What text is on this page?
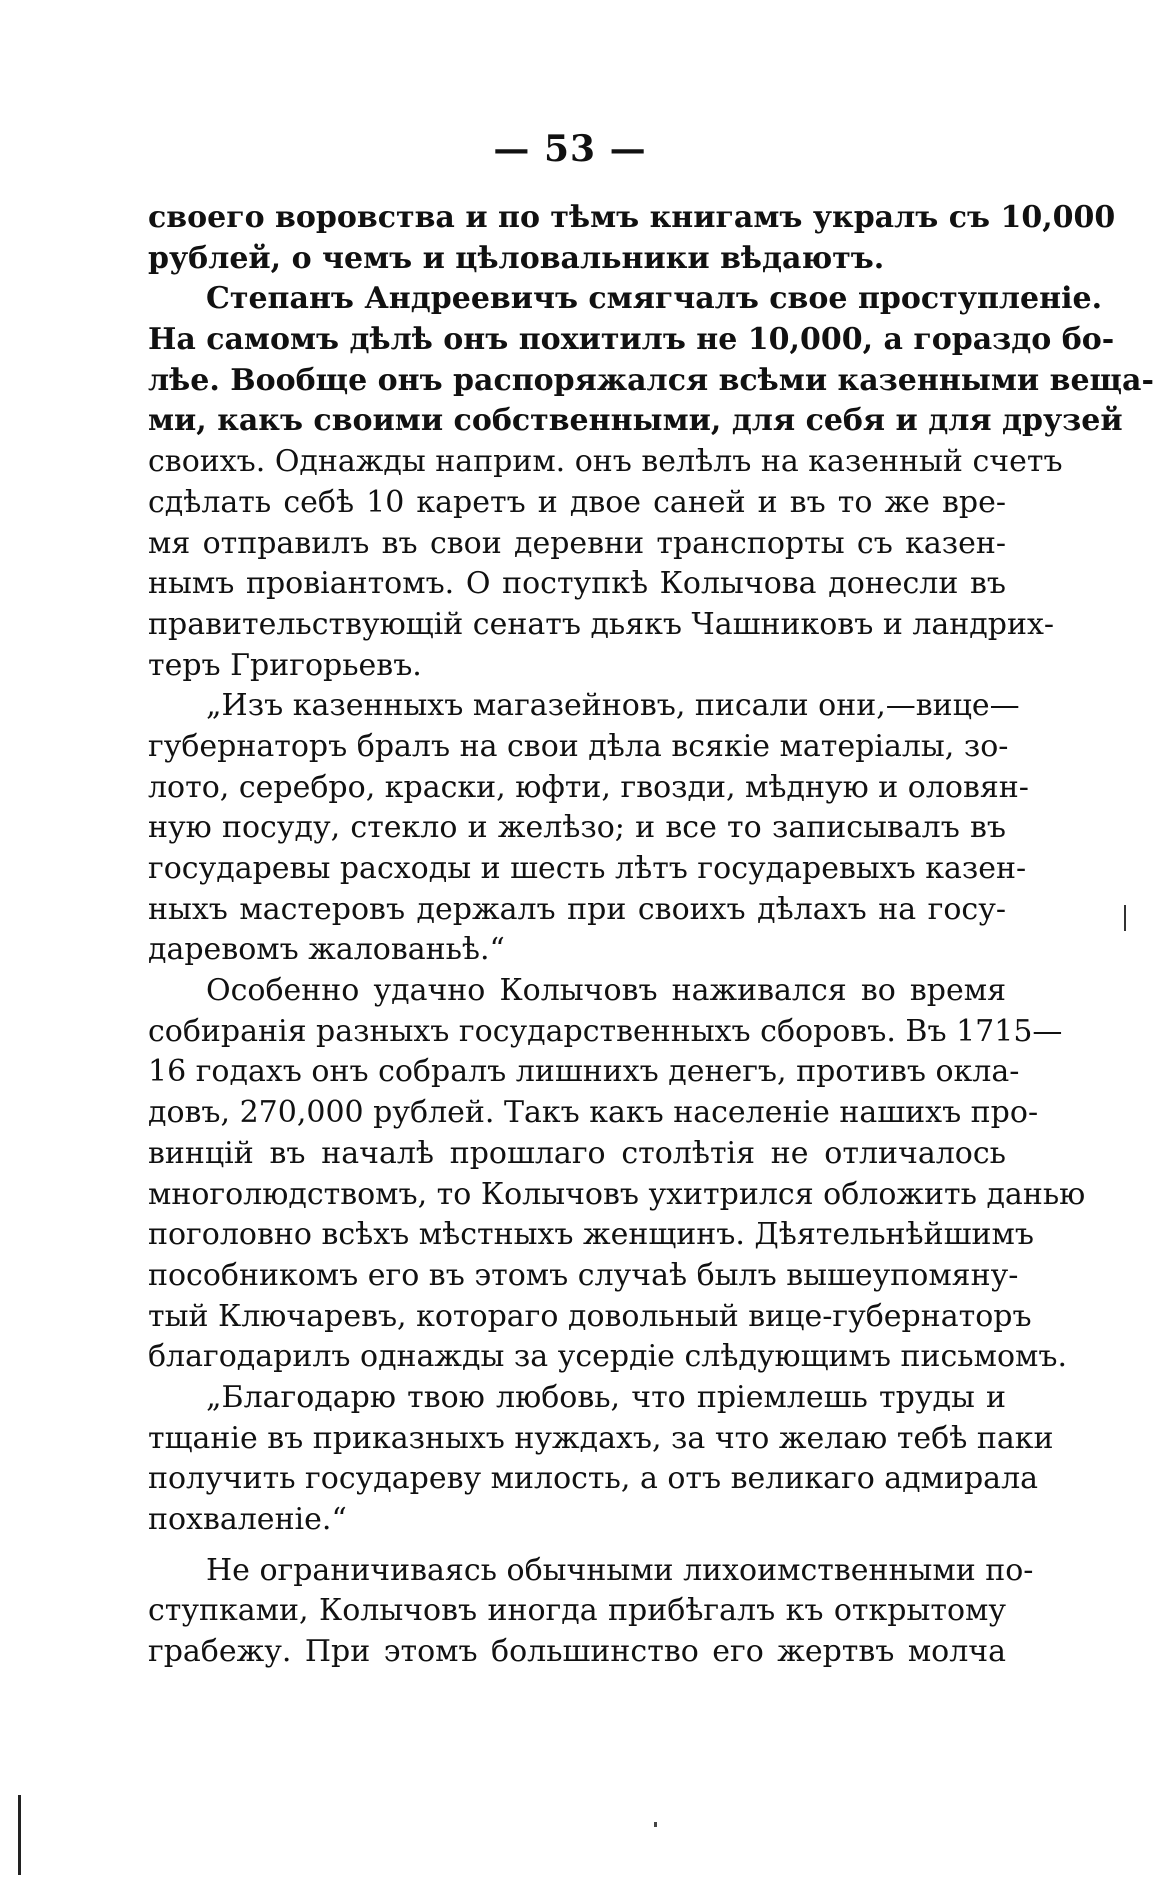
— 53 —
своего воровства и по тѣмъ книгамъ укралъ съ 10,000
рублей, о чемъ и цѣловальники вѣдаютъ.
Степанъ Андреевичъ смягчалъ свое проступленіе.
На самомъ дѣлѣ онъ похитилъ не 10,000, а гораздо бо-
лѣе. Вообще онъ распоряжался всѣми казенными веща-
ми, какъ своими собственными, для себя и для друзей
своихъ. Однажды наприм. онъ велѣлъ на казенный счетъ
сдѣлать себѣ 10 каретъ и двое саней и въ то же вре-
мя отправилъ въ свои деревни транспорты съ казен-
нымъ провіантомъ. О поступкѣ Колычова донесли въ
правительствующій сенатъ дьякъ Чашниковъ и ландрих-
теръ Григорьевъ.
„Изъ казенныхъ магазейновъ, писали они,—вице—
губернаторъ бралъ на свои дѣла всякіе матеріалы, зо-
лото, серебро, краски, юфти, гвозди, мѣдную и оловян-
ную посуду, стекло и желѣзо; и все то записывалъ въ
государевы расходы и шесть лѣтъ государевыхъ казен-
ныхъ мастеровъ держалъ при своихъ дѣлахъ на госу-
даревомъ жалованьѣ.“
Особенно удачно Колычовъ наживался во время
собиранія разныхъ государственныхъ сборовъ. Въ 1715—
16 годахъ онъ собралъ лишнихъ денегъ, противъ окла-
довъ, 270,000 рублей. Такъ какъ населеніе нашихъ про-
винцій въ началѣ прошлаго столѣтія не отличалось
многолюдствомъ, то Колычовъ ухитрился обложить данью
поголовно всѣхъ мѣстныхъ женщинъ. Дѣятельнѣйшимъ
пособникомъ его въ этомъ случаѣ былъ вышеупомяну-
тый Ключаревъ, котораго довольный вице-губернаторъ
благодарилъ однажды за усердіе слѣдующимъ письмомъ.
„Благодарю твою любовь, что пріемлешь труды и
тщаніе въ приказныхъ нуждахъ, за что желаю тебѣ паки
получить государеву милость, а отъ великаго адмирала
похваленіе.“
Не ограничиваясь обычными лихоимственными по-
ступками, Колычовъ иногда прибѣгалъ къ открытому
грабежу. При этомъ большинство его жертвъ молча
